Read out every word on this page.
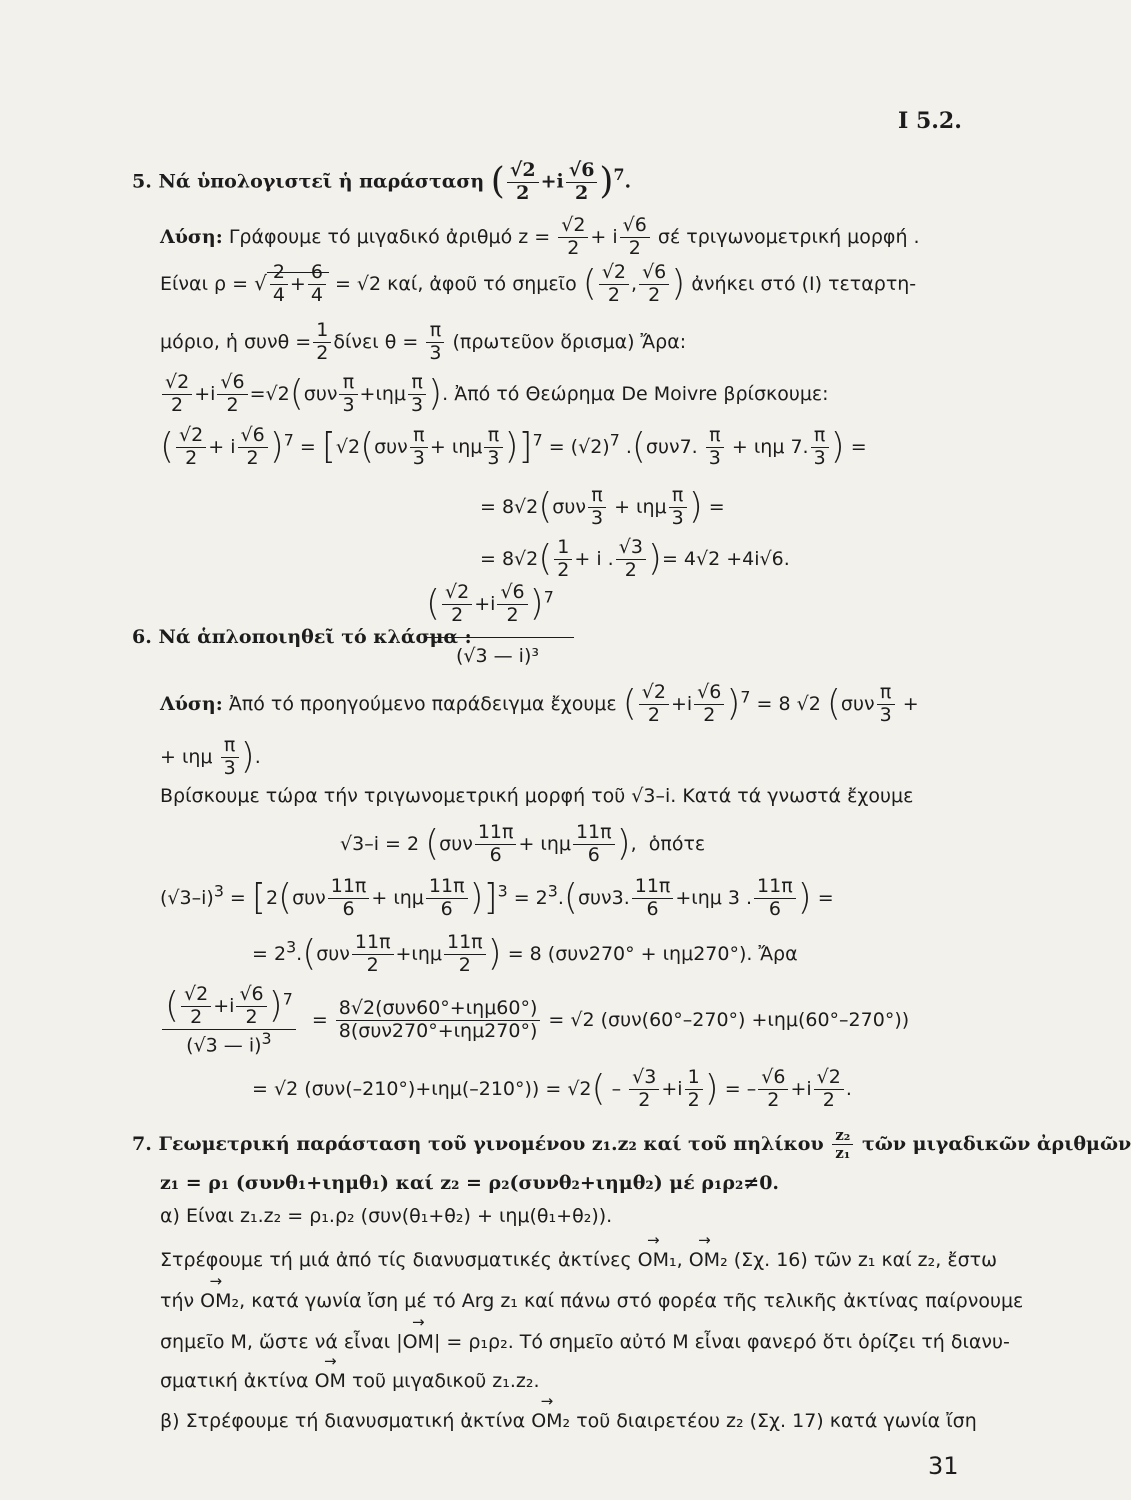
I 5.2.
5. Νά ὑπολογιστεῖ ἡ παράσταση ( $\frac{√2}{2} +i \frac{√6}{2} )^7$.
Λύση: Γράφουμε τό μιγαδικό ἀριθμό $z = \frac{√2}{2} + i \frac{√6}{2}$ σέ τριγωνομετρική μορφή .
Είναι ρ = √ $\frac{2}{4} + \frac{6}{4} = √2$ καί, ἀφοῦ τό σημεῖο ( $\frac{√2}{2}$ , $\frac{√6}{2}$ ) ἀνήκει στό (I) τεταρτη-
μόριο, ἡ $\sigma\upsilon\nu\theta = \frac{1}{2}$ δίνει $\theta = \frac{\pi}{3}$ (πρωτεῦον ὅρισμα) Ἄρα:
$\frac{√2}{2} +i \frac{√6}{2} =√2(\sigma\upsilon\nu \frac{\pi}{3} +\iota\eta\mu \frac{\pi}{3}$ ). Ἀπό τό Θεώρημα De Moivre βρίσκουμε:
( $\frac{√2}{2} + i \frac{√6}{2} )^7 = [√2(\sigma\upsilon\nu \frac{\pi}{3} + \iota\eta\mu \frac{\pi}{3} )]^7 = (√2)^7$ .(συν7. $\frac{\pi}{3} + \iota\eta\mu$ 7. $\frac{\pi}{3}$ ) =
= $8√2(\sigma\upsilon\nu \frac{\pi}{3} + \iota\eta\mu \frac{\pi}{3}$ ) =
= $8√2( \frac{1}{2} + i$ . $\frac{√3}{2}$ )= 4√2 +4i√6.
( $\frac{√2}{2} +i \frac{√6}{2} )^7$
6. Νά ἁπλοποιηθεῖ τό κλάσμα :
(√3 — i)³
Λύση: Ἀπό τό προηγούμενο παράδειγμα ἔχουμε ( $\frac{√2}{2} +i \frac{√6}{2} )^7 = 8$ √2 ($\sigma\upsilon\nu \frac{\pi}{3}$ +
+ ιημ $\frac{\pi}{3}$ ).
Βρίσκουμε τώρα τήν τριγωνομετρική μορφή τοῦ √3–i. Κατά τά γνωστά ἔχουμε
√3–i = 2 ($\sigma\upsilon\nu \frac{11\pi}{6} + \iota\eta\mu \frac{11\pi}{6}$ ),  ὁπότε
$(√3-i)^3 = [2(\sigma\upsilon\nu \frac{11\pi}{6} + \iota\eta\mu \frac{11\pi}{6} )]^3 = 2^3.(\sigma\upsilon\nu 3$. $\frac{11\pi}{6} +\iota\eta\mu$ 3 . $\frac{11\pi}{6}$ ) =
= $2^3.(\sigma\upsilon\nu \frac{11\pi}{2} +\iota\eta\mu \frac{11\pi}{2}$ ) = 8 (συν270° + ιημ270°). Ἄρα
$\frac{( \frac{√2}{2} +i \frac{√6}{2} )^7}{(√3 — i)^3} = \frac{\text{8√2(συν60°+ιημ60°)}}{\text{8(συν270°+ιημ270°)}} = √2$ (συν(60°–270°) +ιημ(60°–270°))
= √2 $(\sigma\upsilon\nu(-210^\circ)+\iota\eta\mu(-210^\circ)) = √2( - \frac{√3}{2} +i \frac{1}{2}$ ) = – $\frac{√6}{2} +i \frac{√2}{2}$ .
7. Γεωμετρική παράσταση τοῦ γινομένου z₁.z₂ καί τοῦ πηλίκου $\frac{\text{z₂}}{\text{z₁}}$ τῶν μιγαδικῶν ἀριθμῶν
z₁ = ρ₁ (συνθ₁+ιημθ₁) καί z₂ = ρ₂(συνθ₂+ιημθ₂) μέ ρ₁ρ₂≠0.
α) Είναι z₁.z₂ = ρ₁.ρ₂ (συν(θ₁+θ₂) + ιημ(θ₁+θ₂)).
Στρέφουμε τή μιά ἀπό τίς διανυσματικές ἀκτίνες → OM₁, → OM₂ (Σχ. 16) τῶν z₁ καί z₂, ἔστω
τήν → OM₂, κατά γωνία ἴση μέ τό Arg z₁ καί πάνω στό φορέα τῆς τελικῆς ἀκτίνας παίρνουμε
σημεῖο Μ, ὥστε νά εἶναι |→ OM| = ρ₁ρ₂. Τό σημεῖο αὐτό Μ εἶναι φανερό ὅτι ὁρίζει τή διανυ-
σματική ἀκτίνα → OM τοῦ μιγαδικοῦ z₁.z₂.
β) Στρέφουμε τή διανυσματική ἀκτίνα → OM₂ τοῦ διαιρετέου z₂ (Σχ. 17) κατά γωνία ἴση
31
